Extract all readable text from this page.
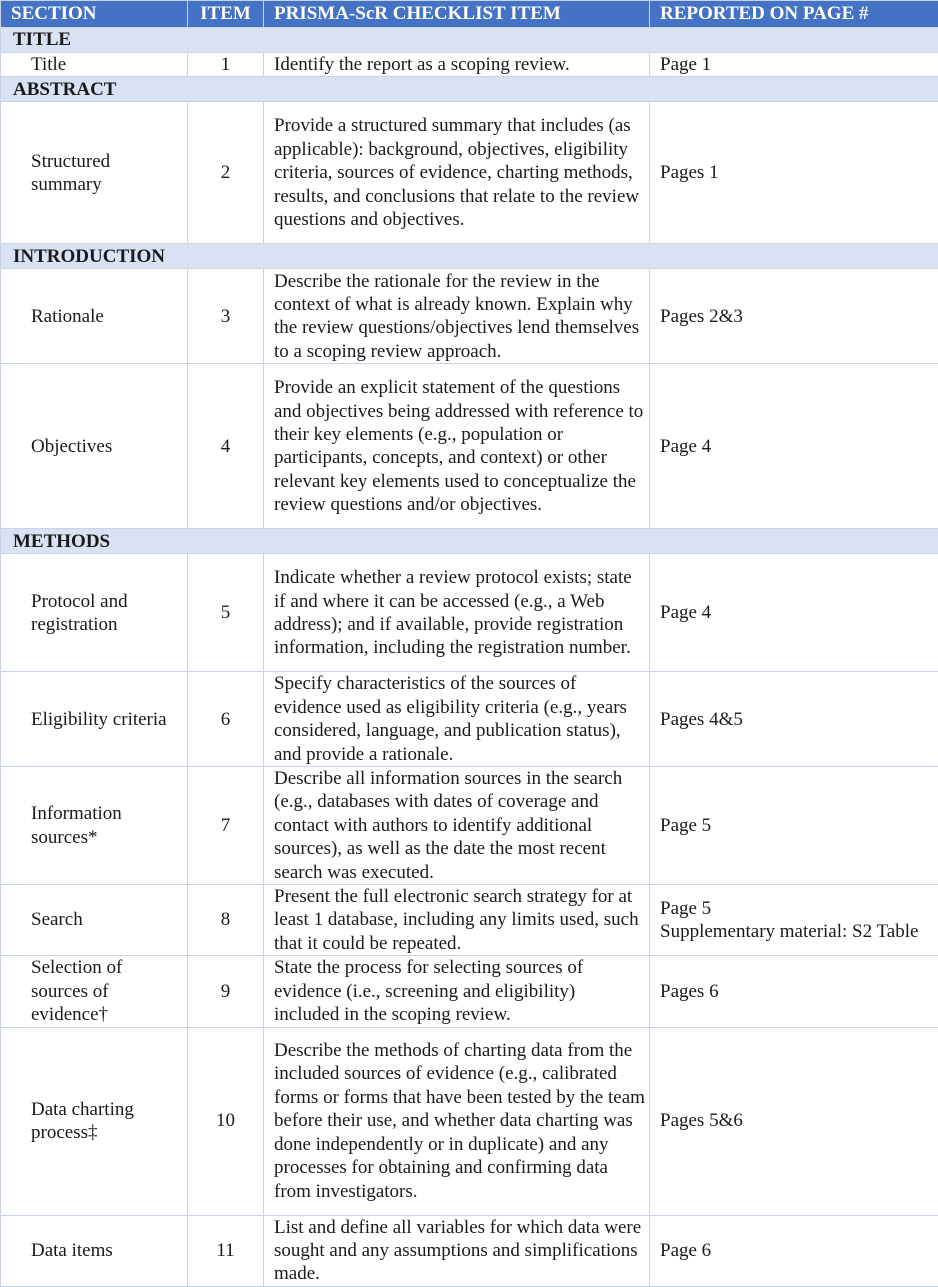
SECTION	ITEM	PRISMA-ScR CHECKLIST ITEM	REPORTED ON PAGE #
TITLE			
Title	1	Identify the report as a scoping review.	Page 1
ABSTRACT			
Structured summary	2	Provide a structured summary that includes (as applicable): background, objectives, eligibility criteria, sources of evidence, charting methods, results, and conclusions that relate to the review questions and objectives.	Pages 1
INTRODUCTION			
Rationale	3	Describe the rationale for the review in the context of what is already known. Explain why the review questions/objectives lend themselves to a scoping review approach.	Pages 2&3
Objectives	4	Provide an explicit statement of the questions and objectives being addressed with reference to their key elements (e.g., population or participants, concepts, and context) or other relevant key elements used to conceptualize the review questions and/or objectives.	Page 4
METHODS			
Protocol and registration	5	Indicate whether a review protocol exists; state if and where it can be accessed (e.g., a Web address); and if available, provide registration information, including the registration number.	Page 4
Eligibility criteria	6	Specify characteristics of the sources of evidence used as eligibility criteria (e.g., years considered, language, and publication status), and provide a rationale.	Pages 4&5
Information sources*	7	Describe all information sources in the search (e.g., databases with dates of coverage and contact with authors to identify additional sources), as well as the date the most recent search was executed.	Page 5
Search	8	Present the full electronic search strategy for at least 1 database, including any limits used, such that it could be repeated.	Page 5
Supplementary material: S2 Table

Selection of sources of evidence†	9	State the process for selecting sources of evidence (i.e., screening and eligibility) included in the scoping review.	Pages 6
Data charting process‡	10	Describe the methods of charting data from the included sources of evidence (e.g., calibrated forms or forms that have been tested by the team before their use, and whether data charting was done independently or in duplicate) and any processes for obtaining and confirming data from investigators.	Pages 5&6
Data items	11	List and define all variables for which data were sought and any assumptions and simplifications made.	Page 6
